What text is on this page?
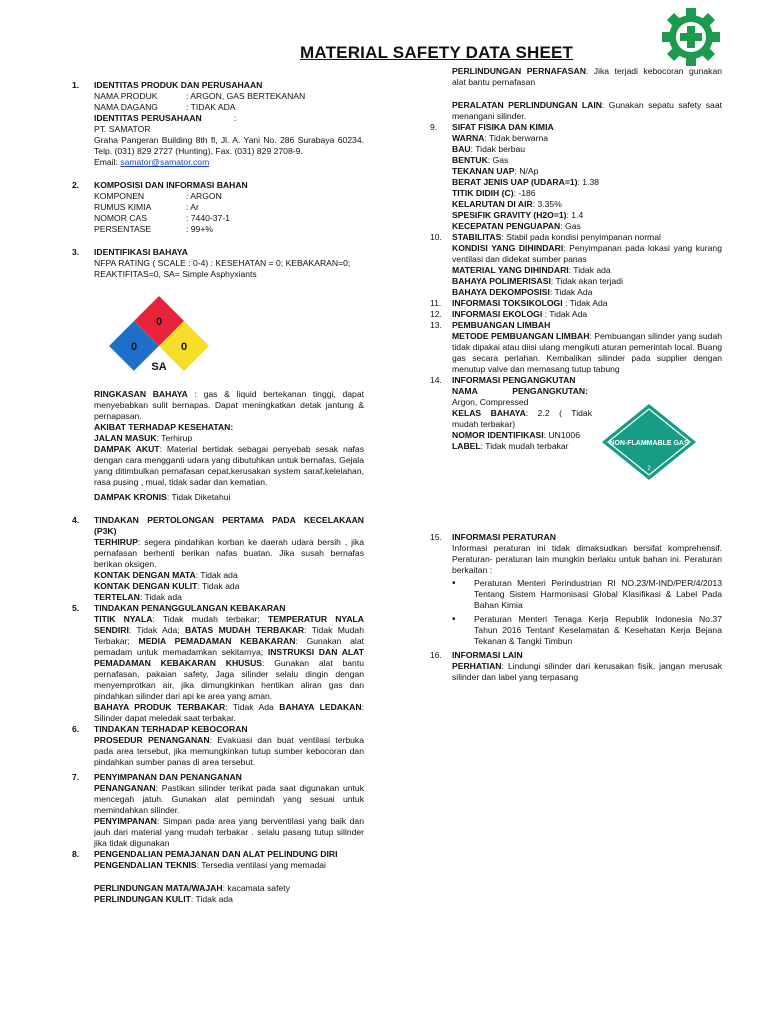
MATERIAL SAFETY DATA SHEET
1. IDENTITAS PRODUK DAN PERUSAHAAN
NAMA PRODUK	: ARGON, GAS BERTEKANAN
NAMA DAGANG	: TIDAK ADA
IDENTITAS PERUSAHAAN	:
PT. SAMATOR
Graha Pangeran Building 8th fl, Jl. A. Yani No. 286 Surabaya 60234. Telp. (031) 829 2727 (Hunting), Fax. (031) 829 2708-9.
Email: samator@samator.com
2. KOMPOSISI DAN INFORMASI BAHAN
KOMPONEN	: ARGON
RUMUS KIMIA	: Ar
NOMOR CAS	: 7440-37-1
PERSENTASE	: 99+%
3. IDENTIFIKASI BAHAYA
NFPA RATING ( SCALE : 0-4) : KESEHATAN = 0; KEBAKARAN=0; REAKTIFITAS=0, SA= Simple Asphyxiants
0
0	0
SA
RINGKASAN BAHAYA : gas & liquid bertekanan tinggi, dapat menyebabkan sulit bernapas. Dapat meningkatkan detak jantung & pernapasan.
AKIBAT TERHADAP KESEHATAN:
JALAN MASUK: Terhirup
DAMPAK AKUT: Material bertidak sebagai penyebab sesak nafas dengan cara mengganti udara yang dibutuhkan untuk bernafas. Gejala yang ditimbulkan pernafasan cepat,kerusakan system saraf,kelelahan, rasa pusing , mual, tidak sadar dan kematian.
DAMPAK KRONIS: Tidak Diketahui
4. TINDAKAN PERTOLONGAN PERTAMA PADA KECELAKAAN (P3K)
TERHIRUP: segera pindahkan korban ke daerah udara bersih , jika pernafasan berhenti berikan nafas buatan. Jika susah bernafas berikan oksigen.
KONTAK DENGAN MATA: Tidak ada
KONTAK DENGAN KULIT: Tidak ada
TERTELAN: Tidak ada
5. TINDAKAN PENANGGULANGAN KEBAKARAN
TITIK NYALA: Tidak mudah terbakar; TEMPERATUR NYALA SENDIRI: Tidak Ada; BATAS MUDAH TERBAKAR: Tidak Mudah Terbakar; MEDIA PEMADAMAN KEBAKARAN: Gunakan alat pemadam untuk memadamkan sekitarnya; INSTRUKSI DAN ALAT PEMADAMAN KEBAKARAN KHUSUS: Gunakan alat bantu pernafasan, pakaian safety, Jaga silinder selalu dingin dengan menyemprotkan air, jika dimungkinkan hentikan aliran gas dan pindahkan silinder dari api ke area yang aman.
BAHAYA PRODUK TERBAKAR: Tidak Ada BAHAYA LEDAKAN: Silinder dapat meledak saat terbakar.
6. TINDAKAN TERHADAP KEBOCORAN
PROSEDUR PENANGANAN: Evakuasi dan buat ventilasi terbuka pada area tersebut, jika memungkinkan tutup sumber kebocoran dan pindahkan sumber panas di area tersebut.
7. PENYIMPANAN DAN PENANGANAN
PENANGANAN: Pastikan silinder terikat pada saat digunakan untuk mencegah jatuh. Gunakan alat pemindah yang sesuai untuk memindahkan silinder.
PENYIMPANAN: Simpan pada area yang berventilasi yang baik dan jauh dari material yang mudah terbakar . selalu pasang tutup silinder jika tidak digunakan
8. PENGENDALIAN PEMAJANAN DAN ALAT PELINDUNG DIRI
PENGENDALIAN TEKNIS: Tersedia ventilasi yang memadai
PERLINDUNGAN MATA/WAJAH: kacamata safety
PERLINDUNGAN KULIT: Tidak ada
PERLINDUNGAN PERNAFASAN: Jika terjadi kebocoran gunakan alat bantu pernafasan
PERALATAN PERLINDUNGAN LAIN: Gunakan sepatu safety saat menangani silinder.
9. SIFAT FISIKA DAN KIMIA
WARNA: Tidak berwarna
BAU: Tidak berbau
BENTUK: Gas
TEKANAN UAP: N/Ap
BERAT JENIS UAP (UDARA=1): 1.38
TITIK DIDIH (C): -186
KELARUTAN DI AIR: 3.35%
SPESIFIK GRAVITY (H2O=1): 1.4
KECEPATAN PENGUAPAN: Gas
10. STABILITAS: Stabil pada kondisi penyimpanan normal
KONDISI YANG DIHINDARI: Penyimpanan pada lokasi yang kurang ventilasi dan didekat sumber panas
MATERIAL YANG DIHINDARI: Tidak ada
BAHAYA POLIMERISASI: Tidak akan terjadi
BAHAYA DEKOMPOSISI: Tidak Ada
11. INFORMASI TOKSIKOLOGI : Tidak Ada
12. INFORMASI EKOLOGI : Tidak Ada
13. PEMBUANGAN LIMBAH
METODE PEMBUANGAN LIMBAH: Pembuangan silinder yang sudah tidak dipakai atau diisi ulang mengikuti aturan pemerintah local. Buang gas secara perlahan. Kembalikan silinder pada supplier dengan menutup valve dan memasang tutup tabung
14. INFORMASI PENGANGKUTAN
NAMA	PENGANGKUTAN:
Argon, Compressed
KELAS BAHAYA: 2.2 ( Tidak mudah terbakar)
NOMOR IDENTIFIKASI: UN1006
LABEL: Tidak mudah terbakar
15. INFORMASI PERATURAN
Informasi peraturan ini tidak dimaksudkan bersifat komprehensif. Peraturan- peraturan lain mungkin berlaku untuk bahan ini. Peraturan berkaitan :
• Peraturan Menteri Perindustrian RI NO.23/M-IND/PER/4/2013 Tentang Sistem Harmonisasi Global Klasifikasi & Label Pada Bahan Kimia
• Peraturan Menteri Tenaga Kerja Republik Indonesia No.37 Tahun 2016 Tentanf Keselamatan & Kesehatan Kerja Bejana Tekanan & Tangki Timbun
16. INFORMASI LAIN
PERHATIAN: Lindungi silinder dari kerusakan fisik, jangan merusak silinder dan label yang terpasang
NON-FLAMMABLE GAS
2
